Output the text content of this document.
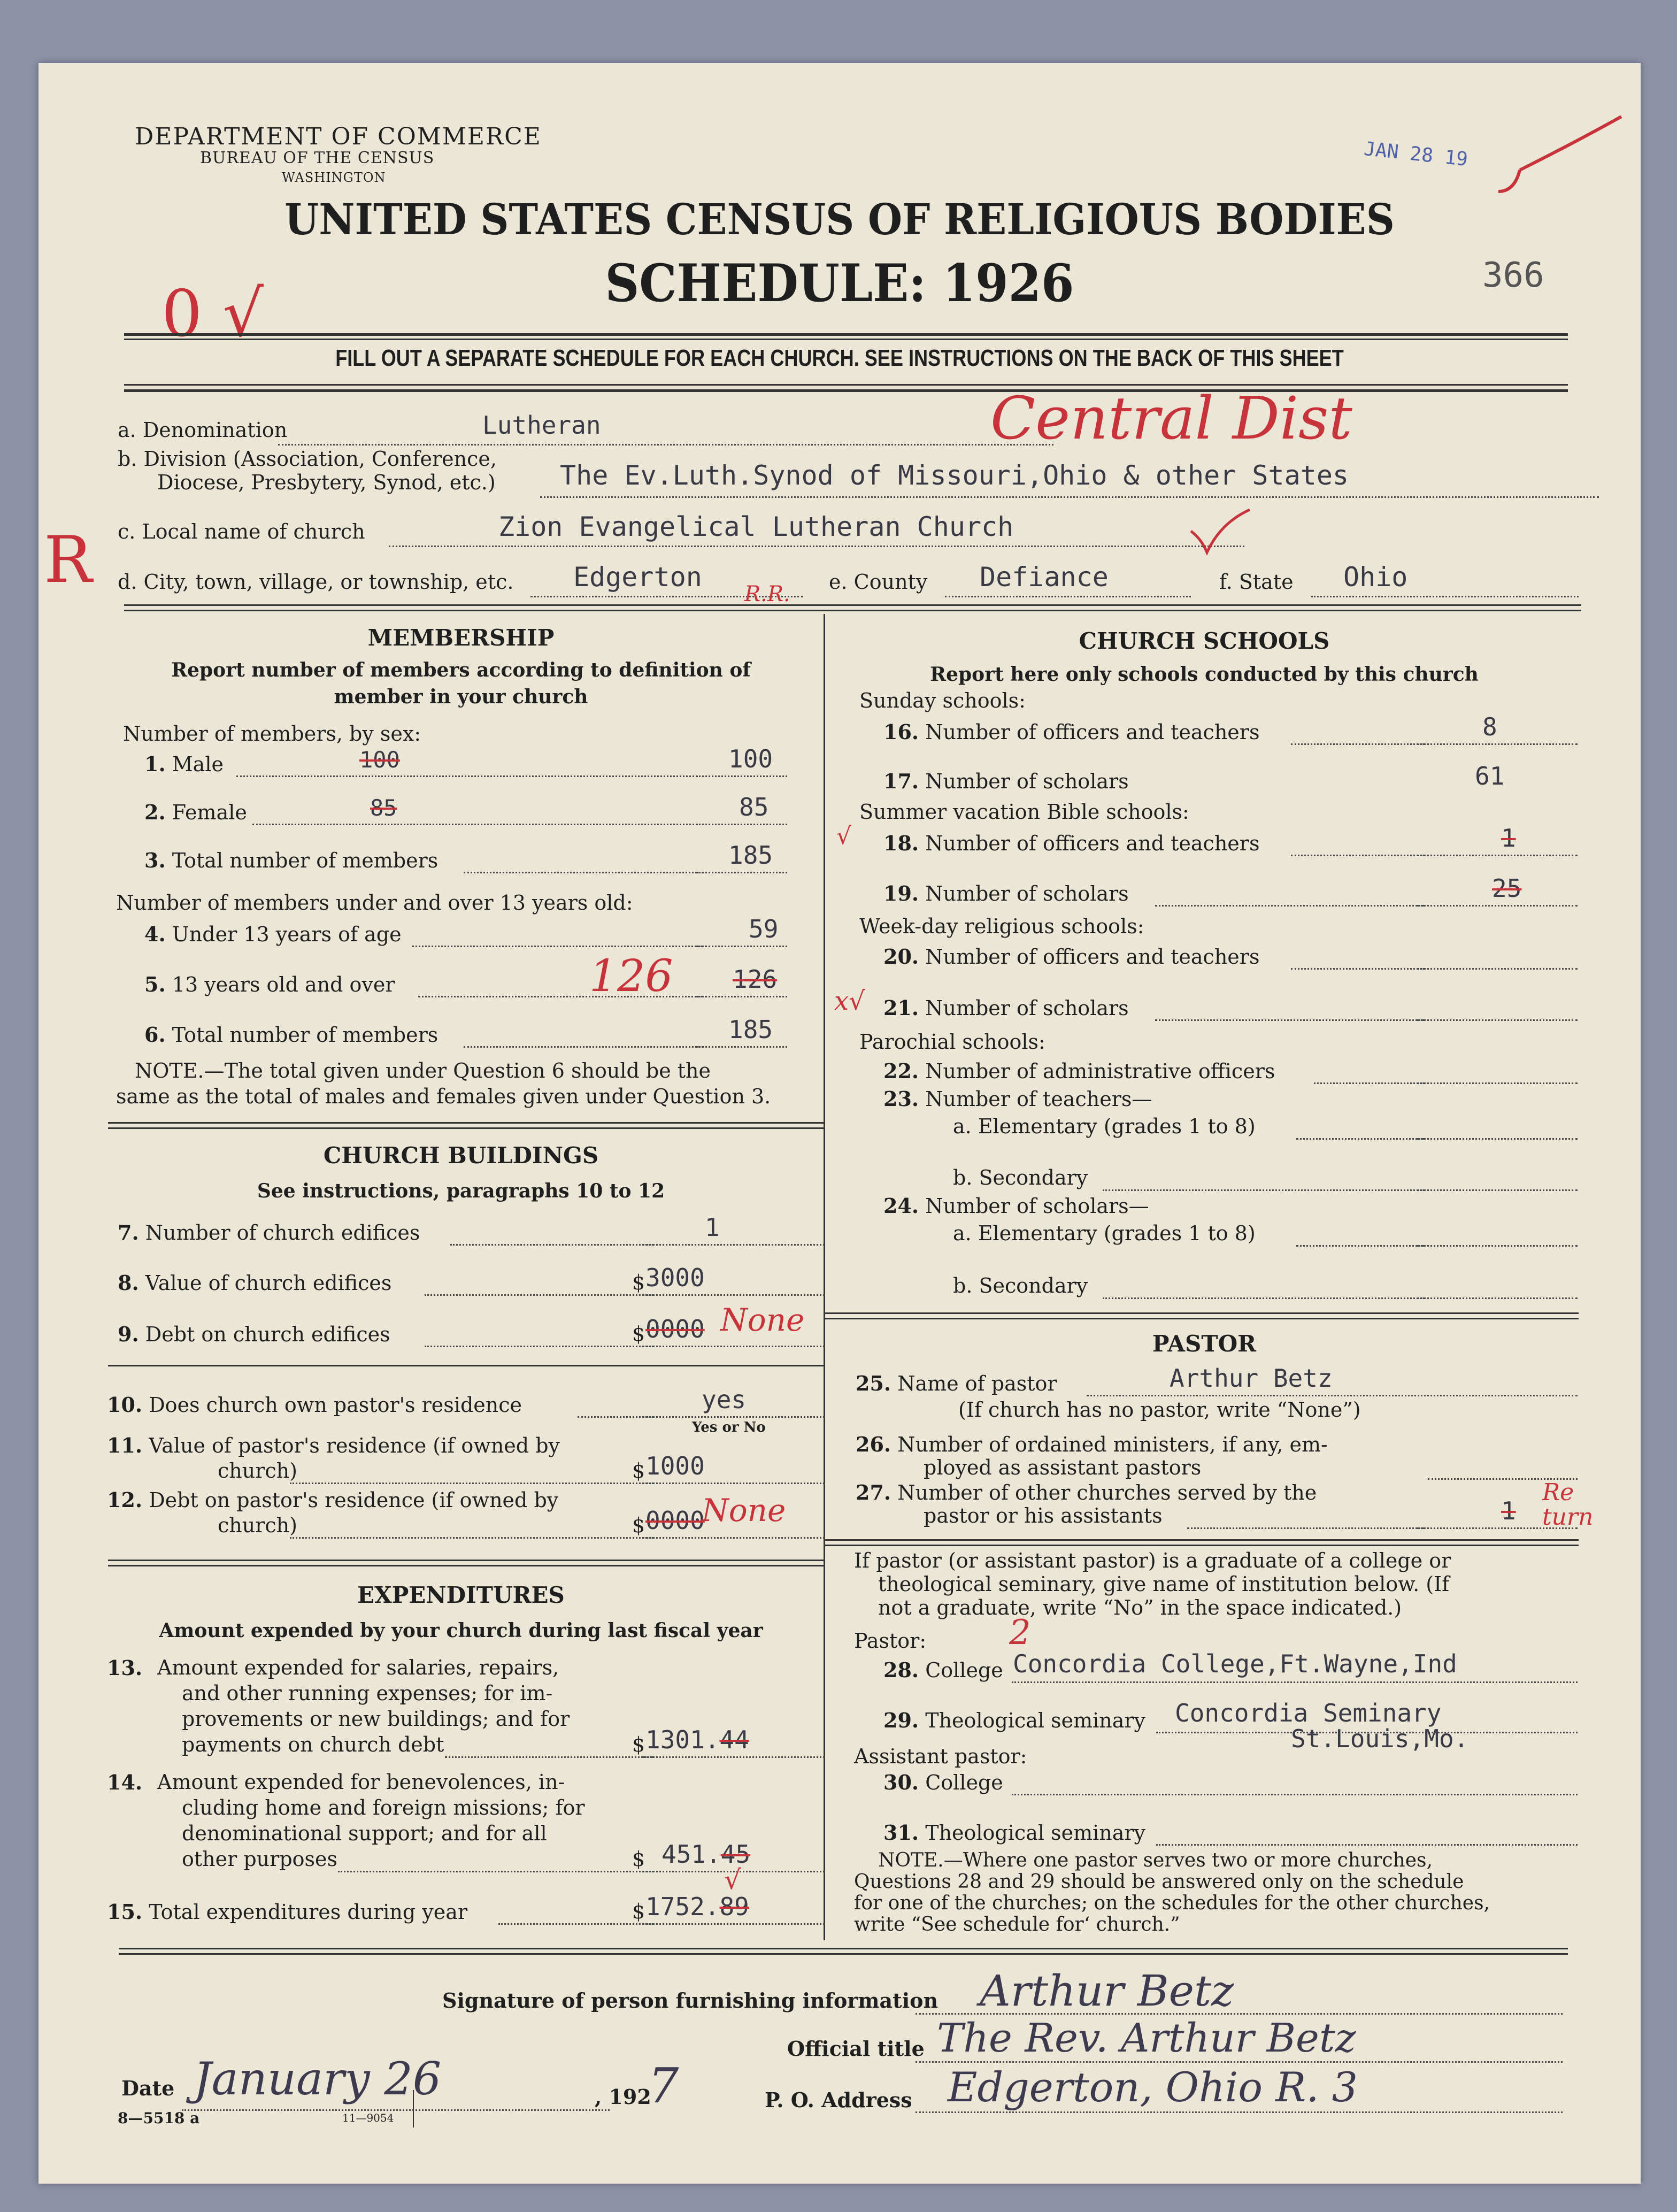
DEPARTMENT OF COMMERCE
BUREAU OF THE CENSUS
WASHINGTON
JAN 28 19
UNITED STATES CENSUS OF RELIGIOUS BODIES
SCHEDULE: 1926	366
0 √
FILL OUT A SEPARATE SCHEDULE FOR EACH CHURCH. SEE INSTRUCTIONS ON THE BACK OF THIS SHEET
a. Denomination	Lutheran	Central Dist
b. Division (Association, Conference,
Diocese, Presbytery, Synod, etc.) The Ev.Luth.Synod of Missouri,Ohio & other States
c. Local name of church	Zion Evangelical Lutheran Church
R d. City, town, village, or township, etc. Edgerton
R.R. e. County Defiance	f. State Ohio
MEMBERSHIP
Report number of members according to definition of
member in your church
Number of members, by sex:
1. Male	100	100
2. Female	85	85
3. Total number of members	185
Number of members under and over 13 years old:
4. Under 13 years of age	59
5. 13 years old and over	126 126
6. Total number of members	185
NOTE.—The total given under Question 6 should be the
same as the total of males and females given under Question 3.
CHURCH BUILDINGS
See instructions, paragraphs 10 to 12
7. Number of church edifices	1
8. Value of church edifices	$ 3000
9. Debt on church edifices	$ 0000 None
10. Does church own pastor's residence	yes
Yes or No
11. Value of pastor's residence (if owned by
church)	$ 1000
12. Debt on pastor's residence (if owned by
church)	$ 0000
None
EXPENDITURES
Amount expended by your church during last fiscal year
13. Amount expended for salaries, repairs,
and other running expenses; for im-
provements or new buildings; and for
payments on church debt	$ 1301.44
14. Amount expended for benevolences, in-
cluding home and foreign missions; for
denominational support; and for all
other purposes	$ 451.45
15. Total expenditures during year	$ 1752.89
√
CHURCH SCHOOLS
Report here only schools conducted by this church
Sunday schools:
16. Number of officers and teachers	8
17. Number of scholars	61
Summer vacation Bible schools:
√ 18. Number of officers and teachers	1
19. Number of scholars	25
Week-day religious schools:
20. Number of officers and teachers
x√ 21. Number of scholars
Parochial schools:
22. Number of administrative officers
23. Number of teachers—
a. Elementary (grades 1 to 8)
b. Secondary
24. Number of scholars—
a. Elementary (grades 1 to 8)
b. Secondary
PASTOR
25. Name of pastor	Arthur Betz
(If church has no pastor, write “None”)
26. Number of ordained ministers, if any, em-
ployed as assistant pastors
27. Number of other churches served by the
pastor or his assistants	1
Re turn
If pastor (or assistant pastor) is a graduate of a college or
theological seminary, give name of institution below. (If
not a graduate, write “No” in the space indicated.)
Pastor: 2
28. College Concordia College,Ft.Wayne,Ind
29. Theological seminary Concordia Seminary
St.Louis,Mo.
Assistant pastor:
30. College
31. Theological seminary
NOTE.—Where one pastor serves two or more churches,
Questions 28 and 29 should be answered only on the schedule
for one of the churches; on the schedules for the other churches,
write “See schedule for‘ church.”
Signature of person furnishing information Arthur Betz
Official title The Rev. Arthur Betz
Date January 26	, 192
7
8—5518 a	11—9054
P. O. Address Edgerton, Ohio R. 3
